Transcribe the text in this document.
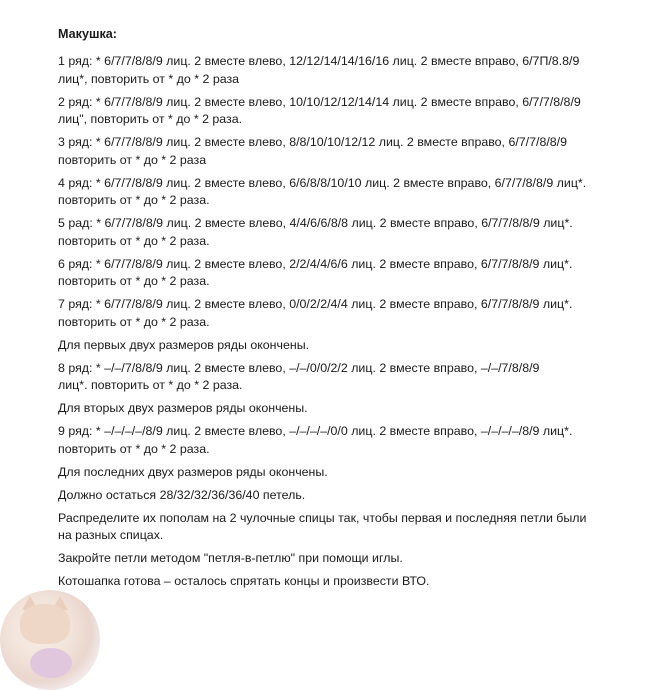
Макушка:

1 ряд: * 6/7/7/8/8/9 лиц. 2 вместе влево, 12/12/14/14/16/16 лиц. 2 вместе вправо, 6/7П/8.8/9
лиц*, повторить от * до * 2 раза

2 ряд: * 6/7/7/8/8/9 лиц. 2 вместе влево, 10/10/12/12/14/14 лиц. 2 вместе вправо, 6/7/7/8/8/9
лиц", повторить от * до * 2 раза.

3 ряд: * 6/7/7/8/8/9 лиц. 2 вместе влево, 8/8/10/10/12/12 лиц. 2 вместе вправо, 6/7/7/8/8/9
повторить от * до * 2 раза

4 ряд: * 6/7/7/8/8/9 лиц. 2 вместе влево, 6/6/8/8/10/10 лиц. 2 вместе вправо, 6/7/7/8/8/9 лиц*.
повторить от * до * 2 раза.

5 рад: * 6/7/7/8/8/9 лиц. 2 вместе влево, 4/4/6/6/8/8 лиц. 2 вместе вправо, 6/7/7/8/8/9 лиц*.
повторить от * до * 2 раза.

6 ряд: * 6/7/7/8/8/9 лиц. 2 вместе влево, 2/2/4/4/6/6 лиц. 2 вместе вправо, 6/7/7/8/8/9 лиц*.
повторить от * до * 2 раза.

7 ряд: * 6/7/7/8/8/9 лиц. 2 вместе влево, 0/0/2/2/4/4 лиц. 2 вместе вправо, 6/7/7/8/8/9 лиц*.
повторить от * до * 2 раза.

Для первых двух размеров ряды окончены.

8 ряд: * –/–/7/8/8/9 лиц. 2 вместе влево, –/–/0/0/2/2 лиц. 2 вместе вправо, –/–/7/8/8/9
лиц*. повторить от * до * 2 раза.

Для вторых двух размеров ряды окончены.

9 ряд: * –/–/–/–/8/9 лиц. 2 вместе влево, –/–/–/–/0/0 лиц. 2 вместе вправо, –/–/–/–/8/9 лиц*.
повторить от * до * 2 раза.

Для последних двух размеров ряды окончены.

Должно остаться 28/32/32/36/36/40 петель.

Распределите их пополам на 2 чулочные спицы так, чтобы первая и последняя петли были
на разных спицах.

Закройте петли методом "петля-в-петлю" при помощи иглы.

Котошапка готова – осталось спрятать концы и произвести ВТО.
